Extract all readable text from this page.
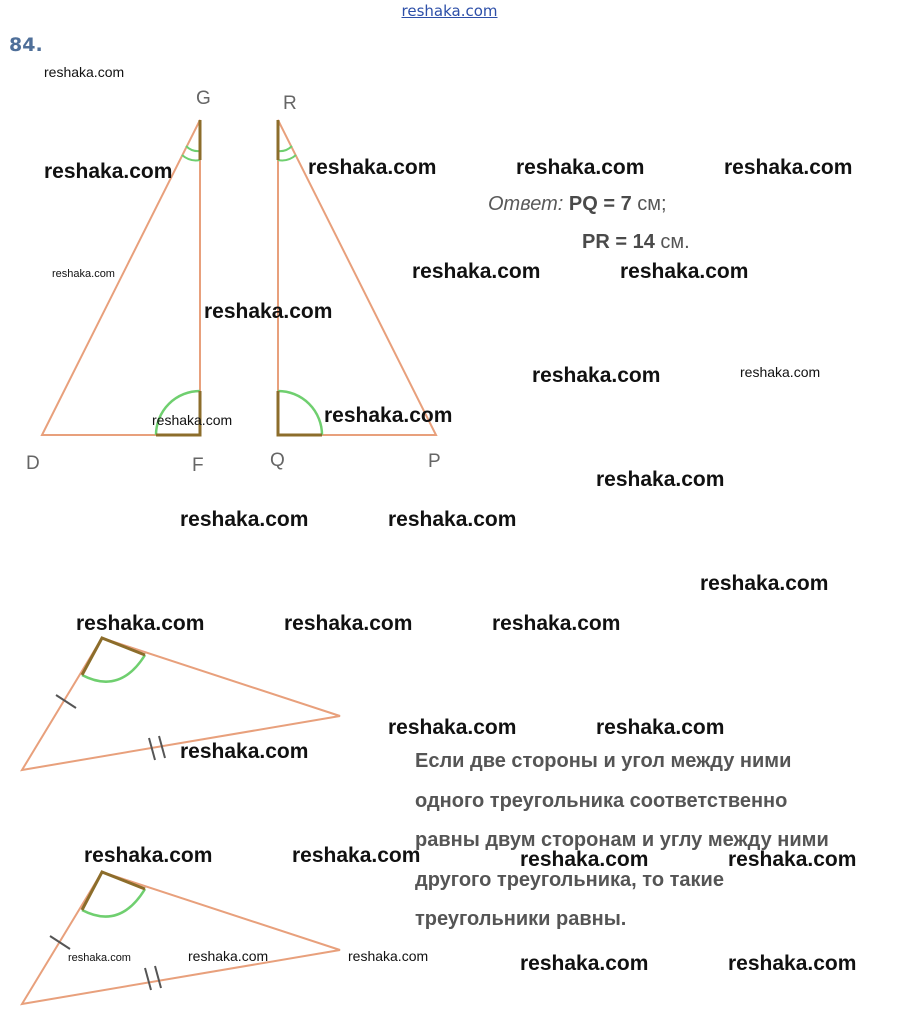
reshaka.com
84.
G
D	F
R
Q	P
Ответ: PQ = 7 см;
PR = 14 см.
Если две стороны и угол между ними
одного треугольника соответственно
равны двум сторонам и углу между ними
другого треугольника, то такие
треугольники равны.
reshaka.com
reshaka.com	reshaka.com	reshaka.com	reshaka.com
reshaka.com	reshaka.com	reshaka.com
reshaka.com
reshaka.com	reshaka.com
reshaka.com
reshaka.com
reshaka.com
reshaka.com	reshaka.com
reshaka.com
reshaka.com	reshaka.com	reshaka.com
reshaka.com	reshaka.com
reshaka.com
reshaka.com	reshaka.com	reshaka.com	reshaka.com
reshaka.com	reshaka.com
reshaka.com	reshaka.com	reshaka.com
